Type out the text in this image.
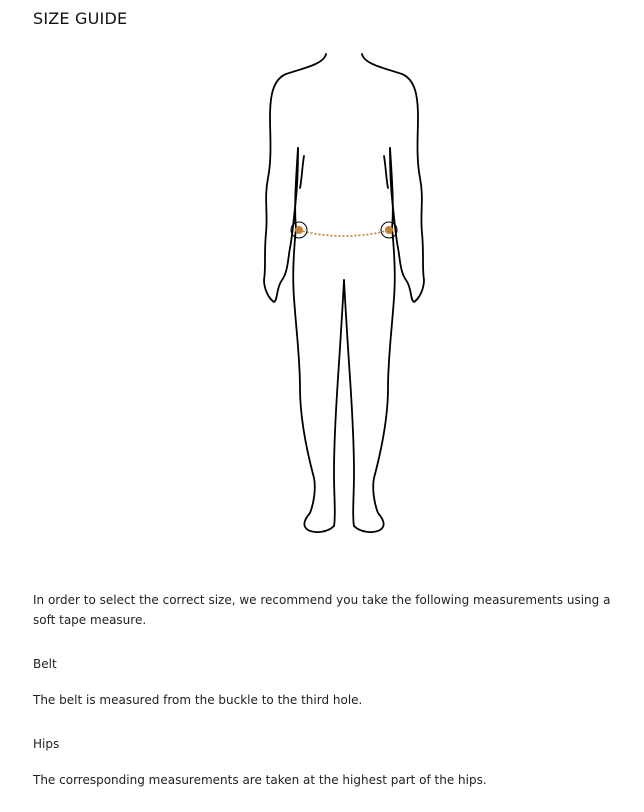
SIZE GUIDE

In order to select the correct size, we recommend you take the following measurements using a soft tape measure.

Belt

The belt is measured from the buckle to the third hole.

Hips

The corresponding measurements are taken at the highest part of the hips.
